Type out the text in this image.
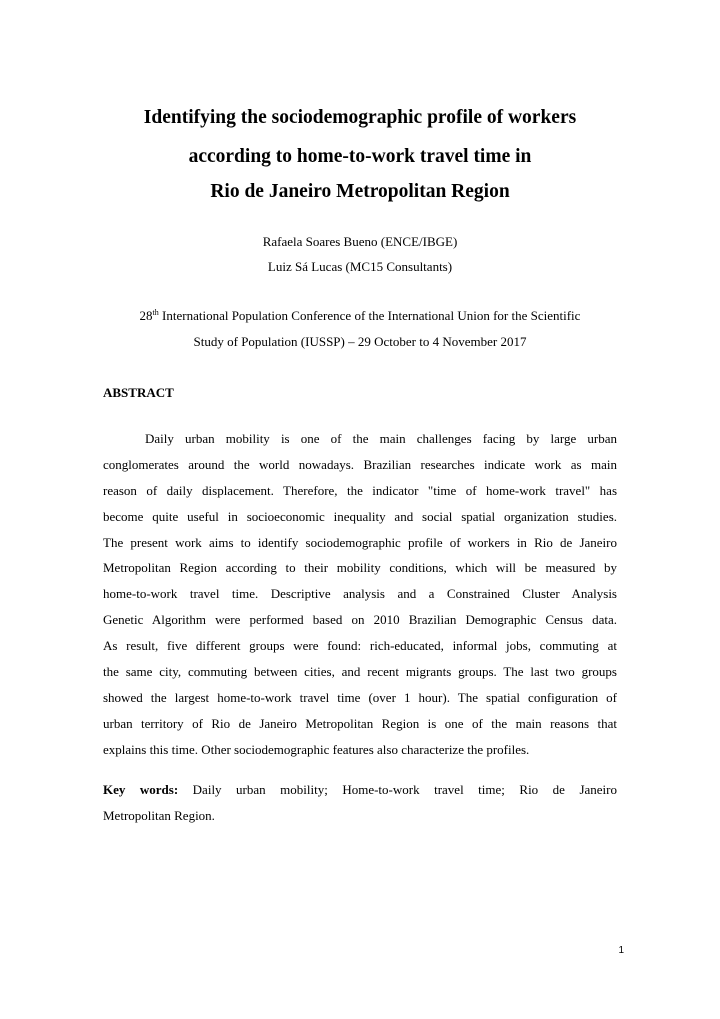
Identifying the sociodemographic profile of workers
according to home-to-work travel time in
Rio de Janeiro Metropolitan Region

Rafaela Soares Bueno (ENCE/IBGE)

Luiz Sá Lucas (MC15 Consultants)

28th International Population Conference of the International Union for the Scientific

Study of Population (IUSSP) – 29 October to 4 November 2017

ABSTRACT

Daily urban mobility is one of the main challenges facing by large urban
conglomerates around the world nowadays. Brazilian researches indicate work as main
reason of daily displacement. Therefore, the indicator "time of home-work travel" has
become quite useful in socioeconomic inequality and social spatial organization studies.
The present work aims to identify sociodemographic profile of workers in Rio de Janeiro
Metropolitan Region according to their mobility conditions, which will be measured by
home-to-work travel time. Descriptive analysis and a Constrained Cluster Analysis
Genetic Algorithm were performed based on 2010 Brazilian Demographic Census data.
As result, five different groups were found: rich-educated, informal jobs, commuting at
the same city, commuting between cities, and recent migrants groups. The last two groups
showed the largest home-to-work travel time (over 1 hour). The spatial configuration of
urban territory of Rio de Janeiro Metropolitan Region is one of the main reasons that
explains this time. Other sociodemographic features also characterize the profiles.
Key words: Daily urban mobility; Home-to-work travel time; Rio de Janeiro
Metropolitan Region.

1
